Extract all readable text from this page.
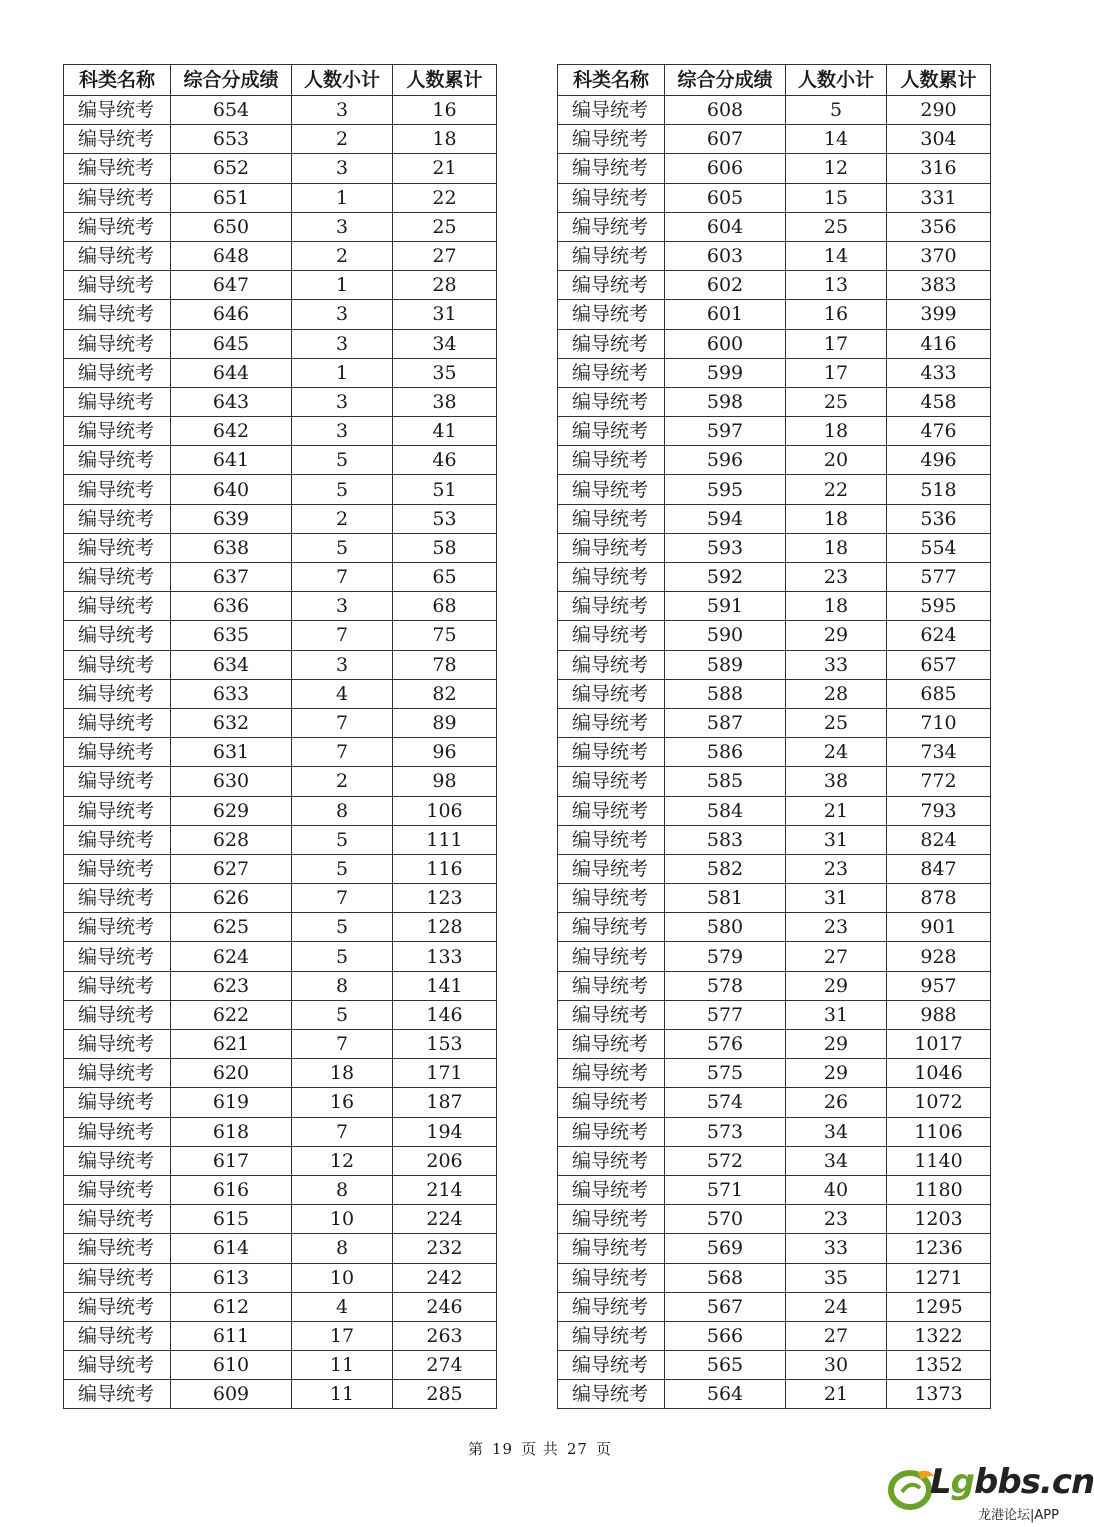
科类名称	综合分成绩	人数小计	人数累计
编导统考	654	3	16
编导统考	653	2	18
编导统考	652	3	21
编导统考	651	1	22
编导统考	650	3	25
编导统考	648	2	27
编导统考	647	1	28
编导统考	646	3	31
编导统考	645	3	34
编导统考	644	1	35
编导统考	643	3	38
编导统考	642	3	41
编导统考	641	5	46
编导统考	640	5	51
编导统考	639	2	53
编导统考	638	5	58
编导统考	637	7	65
编导统考	636	3	68
编导统考	635	7	75
编导统考	634	3	78
编导统考	633	4	82
编导统考	632	7	89
编导统考	631	7	96
编导统考	630	2	98
编导统考	629	8	106
编导统考	628	5	111
编导统考	627	5	116
编导统考	626	7	123
编导统考	625	5	128
编导统考	624	5	133
编导统考	623	8	141
编导统考	622	5	146
编导统考	621	7	153
编导统考	620	18	171
编导统考	619	16	187
编导统考	618	7	194
编导统考	617	12	206
编导统考	616	8	214
编导统考	615	10	224
编导统考	614	8	232
编导统考	613	10	242
编导统考	612	4	246
编导统考	611	17	263
编导统考	610	11	274
编导统考	609	11	285
科类名称	综合分成绩	人数小计	人数累计
编导统考	608	5	290
编导统考	607	14	304
编导统考	606	12	316
编导统考	605	15	331
编导统考	604	25	356
编导统考	603	14	370
编导统考	602	13	383
编导统考	601	16	399
编导统考	600	17	416
编导统考	599	17	433
编导统考	598	25	458
编导统考	597	18	476
编导统考	596	20	496
编导统考	595	22	518
编导统考	594	18	536
编导统考	593	18	554
编导统考	592	23	577
编导统考	591	18	595
编导统考	590	29	624
编导统考	589	33	657
编导统考	588	28	685
编导统考	587	25	710
编导统考	586	24	734
编导统考	585	38	772
编导统考	584	21	793
编导统考	583	31	824
编导统考	582	23	847
编导统考	581	31	878
编导统考	580	23	901
编导统考	579	27	928
编导统考	578	29	957
编导统考	577	31	988
编导统考	576	29	1017
编导统考	575	29	1046
编导统考	574	26	1072
编导统考	573	34	1106
编导统考	572	34	1140
编导统考	571	40	1180
编导统考	570	23	1203
编导统考	569	33	1236
编导统考	568	35	1271
编导统考	567	24	1295
编导统考	566	27	1322
编导统考	565	30	1352
编导统考	564	21	1373
第 19 页 共 27 页
Lgbbs.cn
龙港论坛|APP
